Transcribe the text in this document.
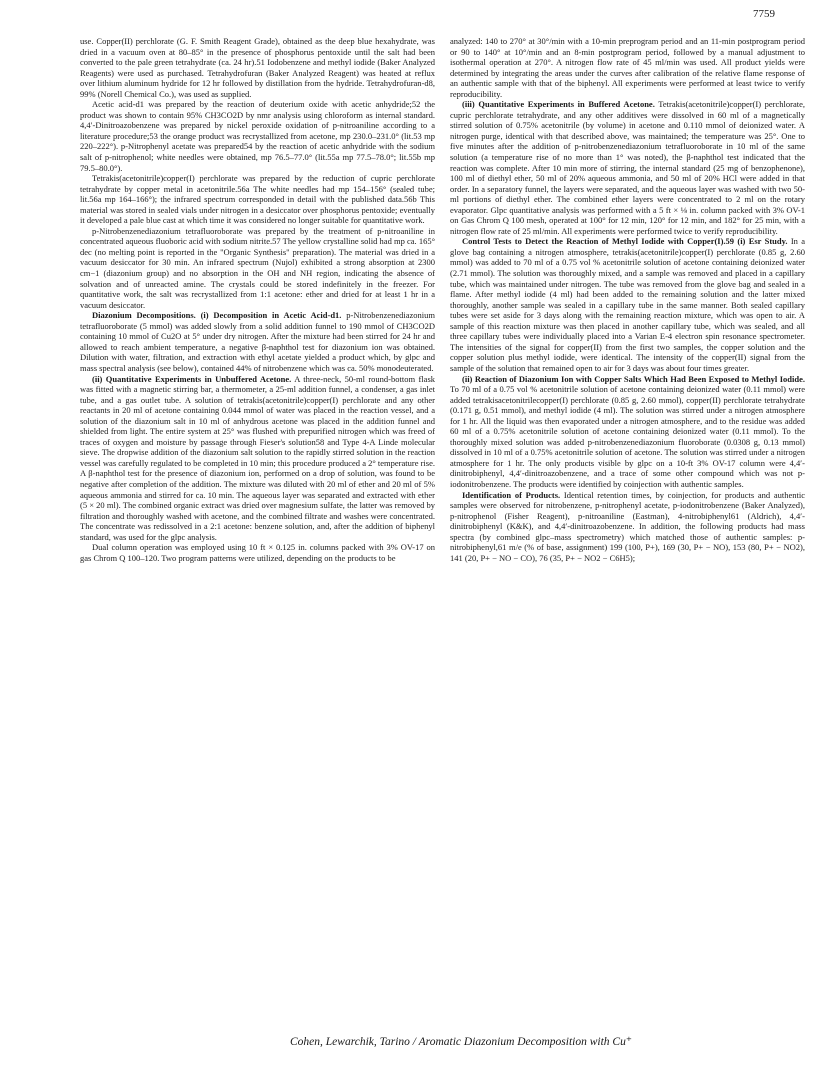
7759

use. Copper(II) perchlorate (G. F. Smith Reagent Grade), obtained as the deep blue hexahydrate, was dried in a vacuum oven at 80–85° in the presence of phosphorus pentoxide until the salt had been converted to the pale green tetrahydrate (ca. 24 hr).51 Iodobenzene and methyl iodide (Baker Analyzed Reagents) were used as purchased. Tetrahydrofuran (Baker Analyzed Reagent) was heated at reflux over lithium aluminum hydride for 12 hr followed by distillation from the hydride. Tetrahydrofuran-d8, 99% (Norell Chemical Co.), was used as supplied.

Acetic acid-d1 was prepared by the reaction of deuterium oxide with acetic anhydride;52 the product was shown to contain 95% CH3CO2D by nmr analysis using chloroform as internal standard. 4,4′-Dinitroazobenzene was prepared by nickel peroxide oxidation of p-nitroaniline according to a literature procedure;53 the orange product was recrystallized from acetone, mp 230.0–231.0° (lit.53 mp 220–222°). p-Nitrophenyl acetate was prepared54 by the reaction of acetic anhydride with the sodium salt of p-nitrophenol; white needles were obtained, mp 76.5–77.0° (lit.55a mp 77.5–78.0°; lit.55b mp 79.5–80.0°).

Tetrakis(acetonitrile)copper(I) perchlorate was prepared by the reduction of cupric perchlorate tetrahydrate by copper metal in acetonitrile.56a The white needles had mp 154–156° (sealed tube; lit.56a mp 164–166°); the infrared spectrum corresponded in detail with the published data.56b This material was stored in sealed vials under nitrogen in a desiccator over phosphorus pentoxide; eventually it developed a pale blue cast at which time it was considered no longer suitable for quantitative work.

p-Nitrobenzenediazonium tetrafluoroborate was prepared by the treatment of p-nitroaniline in concentrated aqueous fluoboric acid with sodium nitrite.57 The yellow crystalline solid had mp ca. 165° dec (no melting point is reported in the "Organic Synthesis" preparation). The material was dried in a vacuum desiccator for 30 min. An infrared spectrum (Nujol) exhibited a strong absorption at 2300 cm−1 (diazonium group) and no absorption in the OH and NH region, indicating the absence of solvation and of unreacted amine. The crystals could be stored indefinitely in the freezer. For quantitative work, the salt was recrystallized from 1:1 acetone: ether and dried for at least 1 hr in a vacuum desiccator.

Diazonium Decompositions. (i) Decomposition in Acetic Acid-d1. p-Nitrobenzenediazonium tetrafluoroborate (5 mmol) was added slowly from a solid addition funnel to 190 mmol of CH3CO2D containing 10 mmol of Cu2O at 5° under dry nitrogen. After the mixture had been stirred for 24 hr and allowed to reach ambient temperature, a negative β-naphthol test for diazonium ion was obtained. Dilution with water, filtration, and extraction with ethyl acetate yielded a product which, by glpc and mass spectral analysis (see below), contained 44% of nitrobenzene which was ca. 50% monodeuterated.

(ii) Quantitative Experiments in Unbuffered Acetone. A three-neck, 50-ml round-bottom flask was fitted with a magnetic stirring bar, a thermometer, a 25-ml addition funnel, a condenser, a gas inlet tube, and a gas outlet tube. A solution of tetrakis(acetonitrile)copper(I) perchlorate and any other reactants in 20 ml of acetone containing 0.044 mmol of water was placed in the reaction vessel, and a solution of the diazonium salt in 10 ml of anhydrous acetone was placed in the addition funnel and shielded from light. The entire system at 25° was flushed with prepurified nitrogen which was freed of traces of oxygen and moisture by passage through Fieser's solution58 and Type 4-A Linde molecular sieve. The dropwise addition of the diazonium salt solution to the rapidly stirred solution in the reaction vessel was carefully regulated to be completed in 10 min; this procedure produced a 2° temperature rise. A β-naphthol test for the presence of diazonium ion, performed on a drop of solution, was found to be negative after completion of the addition. The mixture was diluted with 20 ml of ether and 20 ml of 5% aqueous ammonia and stirred for ca. 10 min. The aqueous layer was separated and extracted with ether (5 × 20 ml). The combined organic extract was dried over magnesium sulfate, the latter was removed by filtration and thoroughly washed with acetone, and the combined filtrate and washes were concentrated. The concentrate was redissolved in a 2:1 acetone: benzene solution, and, after the addition of biphenyl standard, was used for the glpc analysis.

Dual column operation was employed using 10 ft × 0.125 in. columns packed with 3% OV-17 on gas Chrom Q 100–120. Two program patterns were utilized, depending on the products to be

analyzed: 140 to 270° at 30°/min with a 10-min preprogram period and an 11-min postprogram period or 90 to 140° at 10°/min and an 8-min postprogram period, followed by a manual adjustment to isothermal operation at 270°. A nitrogen flow rate of 45 ml/min was used. All product yields were determined by integrating the areas under the curves after calibration of the relative flame response of an authentic sample with that of the biphenyl. All experiments were performed at least twice to verify reproducibility.

(iii) Quantitative Experiments in Buffered Acetone. Tetrakis(acetonitrile)copper(I) perchlorate, cupric perchlorate tetrahydrate, and any other additives were dissolved in 60 ml of a magnetically stirred solution of 0.75% acetonitrile (by volume) in acetone and 0.110 mmol of deionized water. A nitrogen purge, identical with that described above, was maintained; the temperature was 25°. One to five minutes after the addition of p-nitrobenzenediazonium tetrafluoroborate in 10 ml of the same solution (a temperature rise of no more than 1° was noted), the β-naphthol test indicated that the reaction was complete. After 10 min more of stirring, the internal standard (25 mg of benzophenone), 100 ml of diethyl ether, 50 ml of 20% aqueous ammonia, and 50 ml of 20% HCl were added in that order. In a separatory funnel, the layers were separated, and the aqueous layer was washed with two 50-ml portions of diethyl ether. The combined ether layers were concentrated to 2 ml on the rotary evaporator. Glpc quantitative analysis was performed with a 5 ft × ⅛ in. column packed with 3% OV-1 on Gas Chrom Q 100 mesh, operated at 100° for 12 min, 120° for 12 min, and 182° for 25 min, with a nitrogen flow rate of 25 ml/min. All experiments were performed twice to verify reproducibility.

Control Tests to Detect the Reaction of Methyl Iodide with Copper(I).59 (i) Esr Study. In a glove bag containing a nitrogen atmosphere, tetrakis(acetonitrile)copper(I) perchlorate (0.85 g, 2.60 mmol) was added to 70 ml of a 0.75 vol % acetonitrile solution of acetone containing deionized water (2.71 mmol). The solution was thoroughly mixed, and a sample was removed and placed in a capillary tube, which was maintained under nitrogen. The tube was removed from the glove bag and sealed in a flame. After methyl iodide (4 ml) had been added to the remaining solution and the latter mixed thoroughly, another sample was sealed in a capillary tube in the same manner. Both sealed capillary tubes were set aside for 3 days along with the remaining reaction mixture, which was open to air. A sample of this reaction mixture was then placed in another capillary tube, which was sealed, and all three capillary tubes were individually placed into a Varian E-4 electron spin resonance spectrometer. The intensities of the signal for copper(II) from the first two samples, the copper solution and the copper solution plus methyl iodide, were identical. The intensity of the copper(II) signal from the sample of the solution that remained open to air for 3 days was about four times greater.

(ii) Reaction of Diazonium Ion with Copper Salts Which Had Been Exposed to Methyl Iodide. To 70 ml of a 0.75 vol % acetonitrile solution of acetone containing deionized water (0.11 mmol) were added tetrakisacetonitrilecopper(I) perchlorate (0.85 g, 2.60 mmol), copper(II) perchlorate tetrahydrate (0.171 g, 0.51 mmol), and methyl iodide (4 ml). The solution was stirred under a nitrogen atmosphere for 1 hr. All the liquid was then evaporated under a nitrogen atmosphere, and to the residue was added 60 ml of a 0.75% acetonitrile solution of acetone containing deionized water (0.11 mmol). To the thoroughly mixed solution was added p-nitrobenzenediazonium fluoroborate (0.0308 g, 0.13 mmol) dissolved in 10 ml of a 0.75% acetonitrile solution of acetone. The solution was stirred under a nitrogen atmosphere for 1 hr. The only products visible by glpc on a 10-ft 3% OV-17 column were 4,4′-dinitrobiphenyl, 4,4′-dinitroazobenzene, and a trace of some other compound which was not p-iodonitrobenzene. The products were identified by coinjection with authentic samples.

Identification of Products. Identical retention times, by coinjection, for products and authentic samples were observed for nitrobenzene, p-nitrophenyl acetate, p-iodonitrobenzene (Baker Analyzed), p-nitrophenol (Fisher Reagent), p-nitroaniline (Eastman), 4-nitrobiphenyl61 (Aldrich), 4,4′-dinitrobiphenyl (K&K), and 4,4′-dinitroazobenzene. In addition, the following products had mass spectra (by combined glpc–mass spectrometry) which matched those of authentic samples: p-nitrobiphenyl,61 m/e (% of base, assignment) 199 (100, P+), 169 (30, P+ − NO), 153 (80, P+ − NO2), 141 (20, P+ − NO − CO), 76 (35, P+ − NO2 − C6H5);

Cohen, Lewarchik, Tarino / Aromatic Diazonium Decomposition with Cu⁺
